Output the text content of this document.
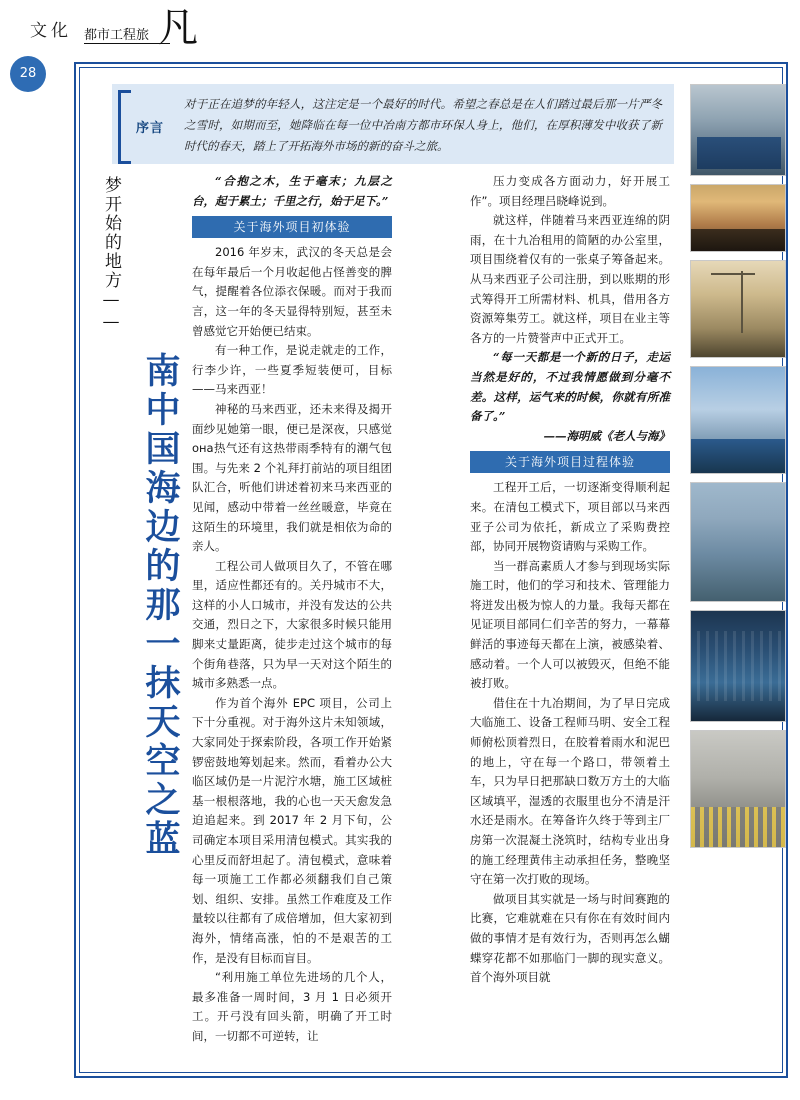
文化 都市工程旅 凡
28
序言
对于正在追梦的年轻人，这注定是一个最好的时代。希望之春总是在人们踏过最后那一片严冬之雪时，如期而至，她降临在每一位中冶南方都市环保人身上，他们，在厚积薄发中收获了新时代的春天，踏上了开拓海外市场的新的奋斗之旅。
梦开始的地方——
南中国海边的那一抹天空之蓝

“合抱之木，生于毫末；九层之台，起于累土；千里之行，始于足下。”

关于海外项目初体验

2016 年岁末，武汉的冬天总是会在每年最后一个月收起他占怪善变的脾气，提醒着各位添衣保暖。而对于我而言，这一年的冬天显得特别短，甚至未曾感觉它开始便已结束。

有一种工作，是说走就走的工作，行李少许，一些夏季短装便可，目标——马来西亚！

神秘的马来西亚，还未来得及揭开面纱见她第一眼，便已是深夜，只感觉она热气还有这热带雨季特有的潮气包围。与先来 2 个礼拜打前站的项目组团队汇合，听他们讲述着初来马来西亚的见闻，感动中带着一丝丝暖意，毕竟在这陌生的环境里，我们就是相依为命的亲人。

工程公司人做项目久了，不管在哪里，适应性都还有的。关丹城市不大，这样的小人口城市，并没有发达的公共交通，烈日之下，大家很多时候只能用脚来丈量距离，徒步走过这个城市的每个街角巷落，只为早一天对这个陌生的城市多熟悉一点。

作为首个海外 EPC 项目，公司上下十分重视。对于海外这片未知领域，大家同处于探索阶段，各项工作开始紧锣密鼓地筹划起来。然而，看着办公大临区域仍是一片泥泞水塘，施工区域桩基一根根落地，我的心也一天天愈发急迫追起来。到 2017 年 2 月下旬，公司确定本项目采用清包模式。其实我的心里反而舒坦起了。清包模式，意味着每一项施工工作都必须翻我们自己策划、组织、安排。虽然工作难度及工作量较以往都有了成倍增加，但大家初到海外，情绪高涨，怕的不是艰苦的工作，是没有目标而盲目。

“利用施工单位先进场的几个人，最多准备一周时间，3 月 1 日必须开工。开弓没有回头箭，明确了开工时间，一切都不可逆转，让

压力变成各方面动力，好开展工作”。项目经理吕晓峰说到。

就这样，伴随着马来西亚连绵的阴雨，在十九冶租用的简陋的办公室里，项目围绕着仅有的一张桌子筹备起来。从马来西亚子公司注册，到以账期的形式筹得开工所需材料、机具，借用各方资源筹集劳工。就这样，项目在业主等各方的一片赞誉声中正式开工。

“每一天都是一个新的日子，走运当然是好的，不过我情愿做到分毫不差。这样，运气来的时候，你就有所准备了。”

——海明威《老人与海》

关于海外项目过程体验

工程开工后，一切逐渐变得顺利起来。在清包工模式下，项目部以马来西亚子公司为依托，新成立了采购费控部，协同开展物资请购与采购工作。

当一群高素质人才参与到现场实际施工时，他们的学习和技术、管理能力将迸发出极为惊人的力量。我每天都在见证项目部同仁们辛苦的努力，一幕幕鲜活的事迹每天都在上演，被感染着、感动着。一个人可以被毁灭，但绝不能被打败。

借住在十九冶期间，为了早日完成大临施工、设备工程师马明、安全工程师俯松顶着烈日，在胶着着雨水和泥巴的地上，守在每一个路口，带领着土车，只为早日把那缺口数万方土的大临区域填平，湿透的衣服里也分不清是汗水还是雨水。在筹备许久终于等到主厂房第一次混凝土浇筑时，结构专业出身的施工经理黄伟主动承担任务，整晚坚守在第一次打败的现场。

做项目其实就是一场与时间赛跑的比赛，它难就难在只有你在有效时间内做的事情才是有效行为，否则再怎么蝴蝶穿花都不如那临门一脚的现实意义。首个海外项目就
